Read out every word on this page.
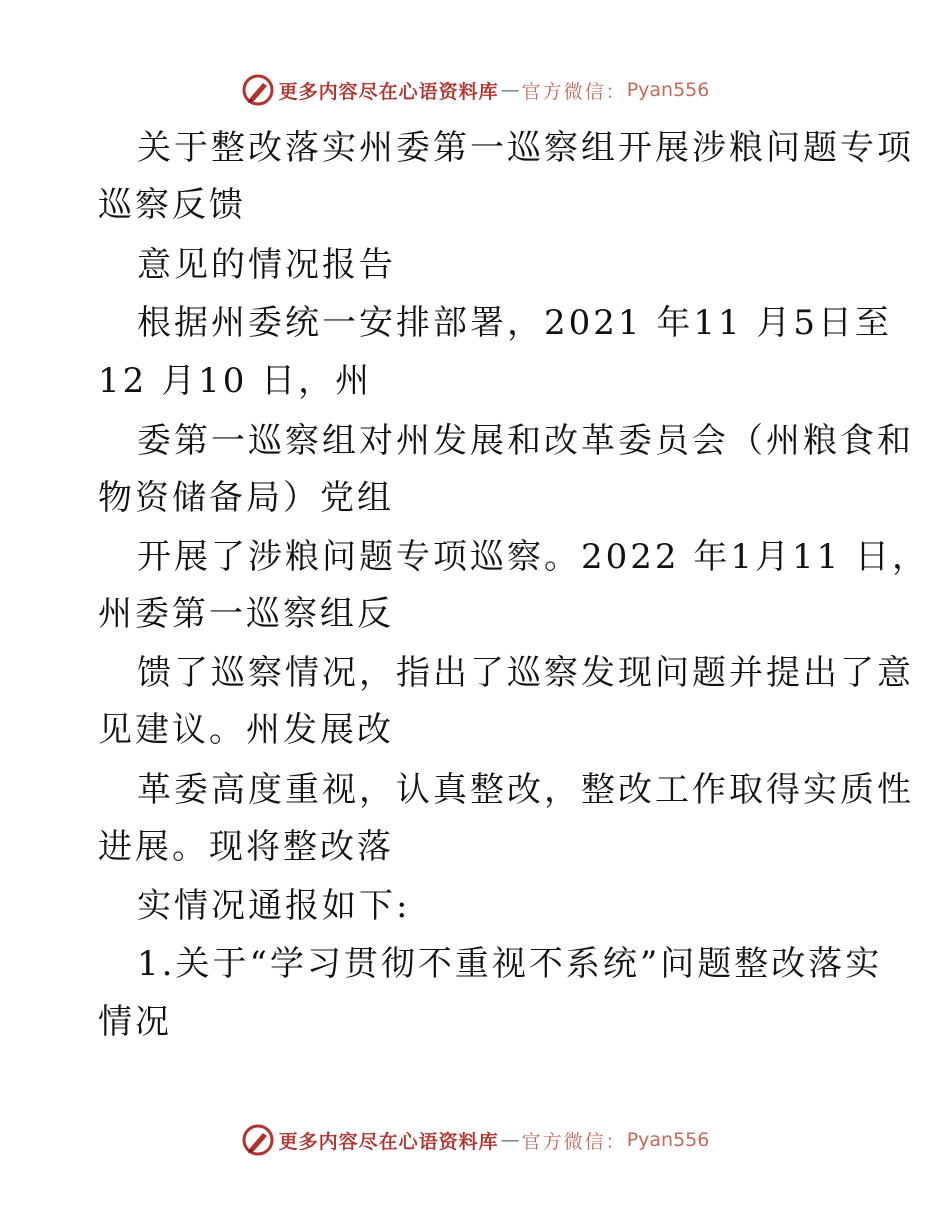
更多内容尽在心语资料库 — 官方微信： Pyan556
关于整改落实州委第一巡察组开展涉粮问题专项
巡察反馈
意见的情况报告
根据州委统一安排部署，2021 年11 月5日至
12 月10 日，州
委第一巡察组对州发展和改革委员会（州粮食和
物资储备局）党组
开展了涉粮问题专项巡察。2022 年1月11 日，
州委第一巡察组反
馈了巡察情况，指出了巡察发现问题并提出了意
见建议。州发展改
革委高度重视，认真整改，整改工作取得实质性
进展。现将整改落
实情况通报如下:
1.关于“学习贯彻不重视不系统”问题整改落实
情况
更多内容尽在心语资料库 — 官方微信： Pyan556
